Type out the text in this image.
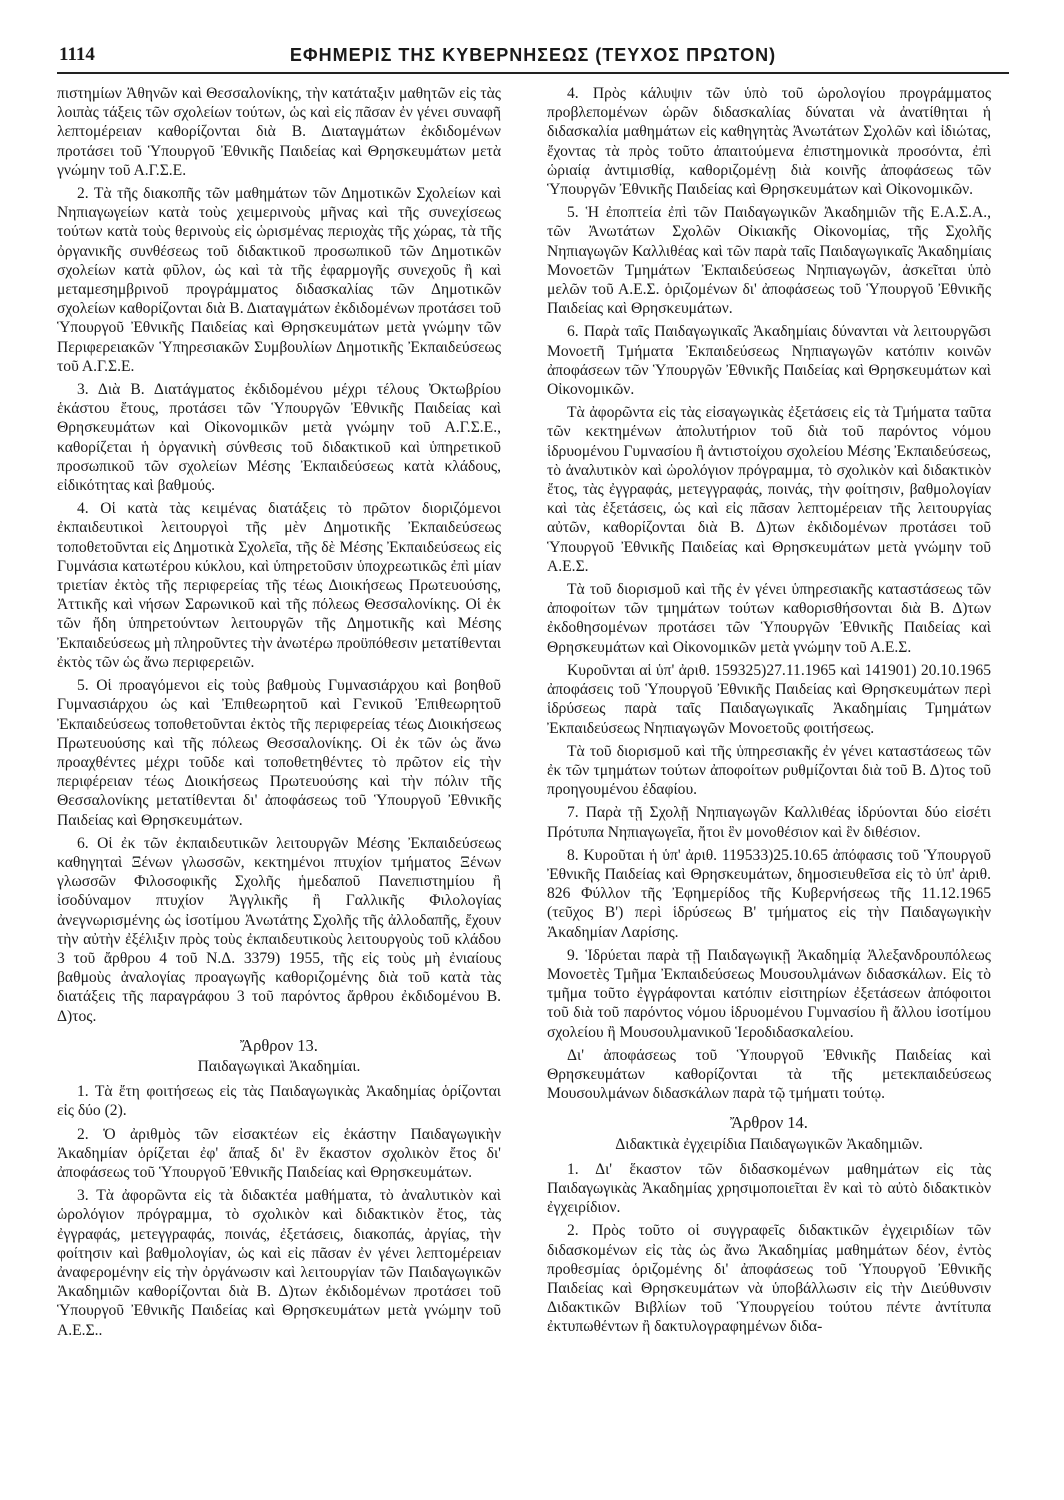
1114	ΕΦΗΜΕΡΙΣ ΤΗΣ ΚΥΒΕΡΝΗΣΕΩΣ (ΤΕΥΧΟΣ ΠΡΩΤΟΝ)

πιστημίων Ἀθηνῶν καὶ Θεσσαλονίκης, τὴν κατάταξιν μαθητῶν εἰς τὰς λοιπὰς τάξεις τῶν σχολείων τούτων, ὡς καὶ εἰς πᾶσαν ἐν γένει συναφῆ λεπτομέρειαν καθορίζονται διὰ Β. Διαταγμάτων ἐκδιδομένων προτάσει τοῦ Ὑπουργοῦ Ἐθνικῆς Παιδείας καὶ Θρησκευμάτων μετὰ γνώμην τοῦ Α.Γ.Σ.Ε.

2. Τὰ τῆς διακοπῆς τῶν μαθημάτων τῶν Δημοτικῶν Σχολείων καὶ Νηπιαγωγείων κατὰ τοὺς χειμερινοὺς μῆνας καὶ τῆς συνεχίσεως τούτων κατὰ τοὺς θερινοὺς εἰς ὡρισμένας περιοχὰς τῆς χώρας, τὰ τῆς ὀργανικῆς συνθέσεως τοῦ διδακτικοῦ προσωπικοῦ τῶν Δημοτικῶν σχολείων κατὰ φῦλον, ὡς καὶ τὰ τῆς ἐφαρμογῆς συνεχοῦς ἢ καὶ μεταμεσημβρινοῦ προγράμματος διδασκαλίας τῶν Δημοτικῶν σχολείων καθορίζονται διὰ Β. Διαταγμάτων ἐκδιδομένων προτάσει τοῦ Ὑπουργοῦ Ἐθνικῆς Παιδείας καὶ Θρησκευμάτων μετὰ γνώμην τῶν Περιφερειακῶν Ὑπηρεσιακῶν Συμβουλίων Δημοτικῆς Ἐκπαιδεύσεως τοῦ Α.Γ.Σ.Ε.

3. Διὰ Β. Διατάγματος ἐκδιδομένου μέχρι τέλους Ὀκτωβρίου ἑκάστου ἔτους, προτάσει τῶν Ὑπουργῶν Ἐθνικῆς Παιδείας καὶ Θρησκευμάτων καὶ Οἰκονομικῶν μετὰ γνώμην τοῦ Α.Γ.Σ.Ε., καθορίζεται ἡ ὀργανικὴ σύνθεσις τοῦ διδακτικοῦ καὶ ὑπηρετικοῦ προσωπικοῦ τῶν σχολείων Μέσης Ἐκπαιδεύσεως κατὰ κλάδους, εἰδικότητας καὶ βαθμούς.

4. Οἱ κατὰ τὰς κειμένας διατάξεις τὸ πρῶτον διοριζόμενοι ἐκπαιδευτικοὶ λειτουργοὶ τῆς μὲν Δημοτικῆς Ἐκπαιδεύσεως τοποθετοῦνται εἰς Δημοτικὰ Σχολεῖα, τῆς δὲ Μέσης Ἐκπαιδεύσεως εἰς Γυμνάσια κατωτέρου κύκλου, καὶ ὑπηρετοῦσιν ὑποχρεωτικῶς ἐπὶ μίαν τριετίαν ἐκτὸς τῆς περιφερείας τῆς τέως Διοικήσεως Πρωτευούσης, Ἀττικῆς καὶ νήσων Σαρωνικοῦ καὶ τῆς πόλεως Θεσσαλονίκης. Οἱ ἐκ τῶν ἤδη ὑπηρετούντων λειτουργῶν τῆς Δημοτικῆς καὶ Μέσης Ἐκπαιδεύσεως μὴ πληροῦντες τὴν ἀνωτέρω προϋπόθεσιν μετατίθενται ἐκτὸς τῶν ὡς ἄνω περιφερειῶν.

5. Οἱ προαγόμενοι εἰς τοὺς βαθμοὺς Γυμνασιάρχου καὶ βοηθοῦ Γυμνασιάρχου ὡς καὶ Ἐπιθεωρητοῦ καὶ Γενικοῦ Ἐπιθεωρητοῦ Ἐκπαιδεύσεως τοποθετοῦνται ἐκτὸς τῆς περιφερείας τέως Διοικήσεως Πρωτευούσης καὶ τῆς πόλεως Θεσσαλονίκης. Οἱ ἐκ τῶν ὡς ἄνω προαχθέντες μέχρι τοῦδε καὶ τοποθετηθέντες τὸ πρῶτον εἰς τὴν περιφέρειαν τέως Διοικήσεως Πρωτευούσης καὶ τὴν πόλιν τῆς Θεσσαλονίκης μετατίθενται δι' ἀποφάσεως τοῦ Ὑπουργοῦ Ἐθνικῆς Παιδείας καὶ Θρησκευμάτων.

6. Οἱ ἐκ τῶν ἐκπαιδευτικῶν λειτουργῶν Μέσης Ἐκπαιδεύσεως καθηγηταὶ Ξένων γλωσσῶν, κεκτημένοι πτυχίον τμήματος Ξένων γλωσσῶν Φιλοσοφικῆς Σχολῆς ἡμεδαποῦ Πανεπιστημίου ἢ ἰσοδύναμον πτυχίον Ἀγγλικῆς ἢ Γαλλικῆς Φιλολογίας ἀνεγνωρισμένης ὡς ἰσοτίμου Ἀνωτάτης Σχολῆς τῆς ἀλλοδαπῆς, ἔχουν τὴν αὐτὴν ἐξέλιξιν πρὸς τοὺς ἐκπαιδευτικοὺς λειτουργοὺς τοῦ κλάδου 3 τοῦ ἄρθρου 4 τοῦ Ν.Δ. 3379) 1955, τῆς εἰς τοὺς μὴ ἐνιαίους βαθμοὺς ἀναλογίας προαγωγῆς καθοριζομένης διὰ τοῦ κατὰ τὰς διατάξεις τῆς παραγράφου 3 τοῦ παρόντος ἄρθρου ἐκδιδομένου Β. Δ)τος.

Ἄρθρον 13.
Παιδαγωγικαὶ Ἀκαδημίαι.

1. Τὰ ἔτη φοιτήσεως εἰς τὰς Παιδαγωγικὰς Ἀκαδημίας ὁρίζονται εἰς δύο (2).

2. Ὁ ἀριθμὸς τῶν εἰσακτέων εἰς ἑκάστην Παιδαγωγικὴν Ἀκαδημίαν ὁρίζεται ἐφ' ἅπαξ δι' ἓν ἕκαστον σχολικὸν ἔτος δι' ἀποφάσεως τοῦ Ὑπουργοῦ Ἐθνικῆς Παιδείας καὶ Θρησκευμάτων.

3. Τὰ ἀφορῶντα εἰς τὰ διδακτέα μαθήματα, τὸ ἀναλυτικὸν καὶ ὡρολόγιον πρόγραμμα, τὸ σχολικὸν καὶ διδακτικὸν ἔτος, τὰς ἐγγραφάς, μετεγγραφάς, ποινάς, ἐξετάσεις, διακοπάς, ἀργίας, τὴν φοίτησιν καὶ βαθμολογίαν, ὡς καὶ εἰς πᾶσαν ἐν γένει λεπτομέρειαν ἀναφερομένην εἰς τὴν ὀργάνωσιν καὶ λειτουργίαν τῶν Παιδαγωγικῶν Ἀκαδημιῶν καθορίζονται διὰ Β. Δ)των ἐκδιδομένων προτάσει τοῦ Ὑπουργοῦ Ἐθνικῆς Παιδείας καὶ Θρησκευμάτων μετὰ γνώμην τοῦ Α.Ε.Σ..

4. Πρὸς κάλυψιν τῶν ὑπὸ τοῦ ὡρολογίου προγράμματος προβλεπομένων ὡρῶν διδασκαλίας δύναται νὰ ἀνατίθηται ἡ διδασκαλία μαθημάτων εἰς καθηγητὰς Ἀνωτάτων Σχολῶν καὶ ἰδιώτας, ἔχοντας τὰ πρὸς τοῦτο ἀπαιτούμενα ἐπιστημονικὰ προσόντα, ἐπὶ ὡριαίᾳ ἀντιμισθίᾳ, καθοριζομένῃ διὰ κοινῆς ἀποφάσεως τῶν Ὑπουργῶν Ἐθνικῆς Παιδείας καὶ Θρησκευμάτων καὶ Οἰκονομικῶν.

5. Ἡ ἐποπτεία ἐπὶ τῶν Παιδαγωγικῶν Ἀκαδημιῶν τῆς Ε.Α.Σ.Α., τῶν Ἀνωτάτων Σχολῶν Οἰκιακῆς Οἰκονομίας, τῆς Σχολῆς Νηπιαγωγῶν Καλλιθέας καὶ τῶν παρὰ ταῖς Παιδαγωγικαῖς Ἀκαδημίαις Μονοετῶν Τμημάτων Ἐκπαιδεύσεως Νηπιαγωγῶν, ἀσκεῖται ὑπὸ μελῶν τοῦ Α.Ε.Σ. ὁριζομένων δι' ἀποφάσεως τοῦ Ὑπουργοῦ Ἐθνικῆς Παιδείας καὶ Θρησκευμάτων.

6. Παρὰ ταῖς Παιδαγωγικαῖς Ἀκαδημίαις δύνανται νὰ λειτουργῶσι Μονοετῆ Τμήματα Ἐκπαιδεύσεως Νηπιαγωγῶν κατόπιν κοινῶν ἀποφάσεων τῶν Ὑπουργῶν Ἐθνικῆς Παιδείας καὶ Θρησκευμάτων καὶ Οἰκονομικῶν.

Τὰ ἀφορῶντα εἰς τὰς εἰσαγωγικὰς ἐξετάσεις εἰς τὰ Τμήματα ταῦτα τῶν κεκτημένων ἀπολυτήριον τοῦ διὰ τοῦ παρόντος νόμου ἱδρυομένου Γυμνασίου ἢ ἀντιστοίχου σχολείου Μέσης Ἐκπαιδεύσεως, τὸ ἀναλυτικὸν καὶ ὡρολόγιον πρόγραμμα, τὸ σχολικὸν καὶ διδακτικὸν ἔτος, τὰς ἐγγραφάς, μετεγγραφάς, ποινάς, τὴν φοίτησιν, βαθμολογίαν καὶ τὰς ἐξετάσεις, ὡς καὶ εἰς πᾶσαν λεπτομέρειαν τῆς λειτουργίας αὐτῶν, καθορίζονται διὰ Β. Δ)των ἐκδιδομένων προτάσει τοῦ Ὑπουργοῦ Ἐθνικῆς Παιδείας καὶ Θρησκευμάτων μετὰ γνώμην τοῦ Α.Ε.Σ.

Τὰ τοῦ διορισμοῦ καὶ τῆς ἐν γένει ὑπηρεσιακῆς καταστάσεως τῶν ἀποφοίτων τῶν τμημάτων τούτων καθορισθήσονται διὰ Β. Δ)των ἐκδοθησομένων προτάσει τῶν Ὑπουργῶν Ἐθνικῆς Παιδείας καὶ Θρησκευμάτων καὶ Οἰκονομικῶν μετὰ γνώμην τοῦ Α.Ε.Σ.

Κυροῦνται αἱ ὑπ' ἀριθ. 159325)27.11.1965 καὶ 141901) 20.10.1965 ἀποφάσεις τοῦ Ὑπουργοῦ Ἐθνικῆς Παιδείας καὶ Θρησκευμάτων περὶ ἱδρύσεως παρὰ ταῖς Παιδαγωγικαῖς Ἀκαδημίαις Τμημάτων Ἐκπαιδεύσεως Νηπιαγωγῶν Μονοετοῦς φοιτήσεως.

Τὰ τοῦ διορισμοῦ καὶ τῆς ὑπηρεσιακῆς ἐν γένει καταστάσεως τῶν ἐκ τῶν τμημάτων τούτων ἀποφοίτων ρυθμίζονται διὰ τοῦ Β. Δ)τος τοῦ προηγουμένου ἐδαφίου.

7. Παρὰ τῇ Σχολῇ Νηπιαγωγῶν Καλλιθέας ἱδρύονται δύο εἰσέτι Πρότυπα Νηπιαγωγεῖα, ἤτοι ἓν μονοθέσιον καὶ ἓν διθέσιον.

8. Κυροῦται ἡ ὑπ' ἀριθ. 119533)25.10.65 ἀπόφασις τοῦ Ὑπουργοῦ Ἐθνικῆς Παιδείας καὶ Θρησκευμάτων, δημοσιευθεῖσα εἰς τὸ ὑπ' ἀριθ. 826 Φύλλον τῆς Ἐφημερίδος τῆς Κυβερνήσεως τῆς 11.12.1965 (τεῦχος Β') περὶ ἱδρύσεως Β' τμήματος εἰς τὴν Παιδαγωγικὴν Ἀκαδημίαν Λαρίσης.

9. Ἱδρύεται παρὰ τῇ Παιδαγωγικῇ Ἀκαδημίᾳ Ἀλεξανδρουπόλεως Μονοετὲς Τμῆμα Ἐκπαιδεύσεως Μουσουλμάνων διδασκάλων. Εἰς τὸ τμῆμα τοῦτο ἐγγράφονται κατόπιν εἰσιτηρίων ἐξετάσεων ἀπόφοιτοι τοῦ διὰ τοῦ παρόντος νόμου ἱδρυομένου Γυμνασίου ἢ ἄλλου ἰσοτίμου σχολείου ἢ Μουσουλμανικοῦ Ἱεροδιδασκαλείου.

Δι' ἀποφάσεως τοῦ Ὑπουργοῦ Ἐθνικῆς Παιδείας καὶ Θρησκευμάτων καθορίζονται τὰ τῆς μετεκπαιδεύσεως Μουσουλμάνων διδασκάλων παρὰ τῷ τμήματι τούτῳ.

Ἄρθρον 14.
Διδακτικὰ ἐγχειρίδια Παιδαγωγικῶν Ἀκαδημιῶν.

1. Δι' ἕκαστον τῶν διδασκομένων μαθημάτων εἰς τὰς Παιδαγωγικὰς Ἀκαδημίας χρησιμοποιεῖται ἓν καὶ τὸ αὐτὸ διδακτικὸν ἐγχειρίδιον.

2. Πρὸς τοῦτο οἱ συγγραφεῖς διδακτικῶν ἐγχειριδίων τῶν διδασκομένων εἰς τὰς ὡς ἄνω Ἀκαδημίας μαθημάτων δέον, ἐντὸς προθεσμίας ὁριζομένης δι' ἀποφάσεως τοῦ Ὑπουργοῦ Ἐθνικῆς Παιδείας καὶ Θρησκευμάτων νὰ ὑποβάλλωσιν εἰς τὴν Διεύθυνσιν Διδακτικῶν Βιβλίων τοῦ Ὑπουργείου τούτου πέντε ἀντίτυπα ἐκτυπωθέντων ἢ δακτυλογραφημένων διδα-
